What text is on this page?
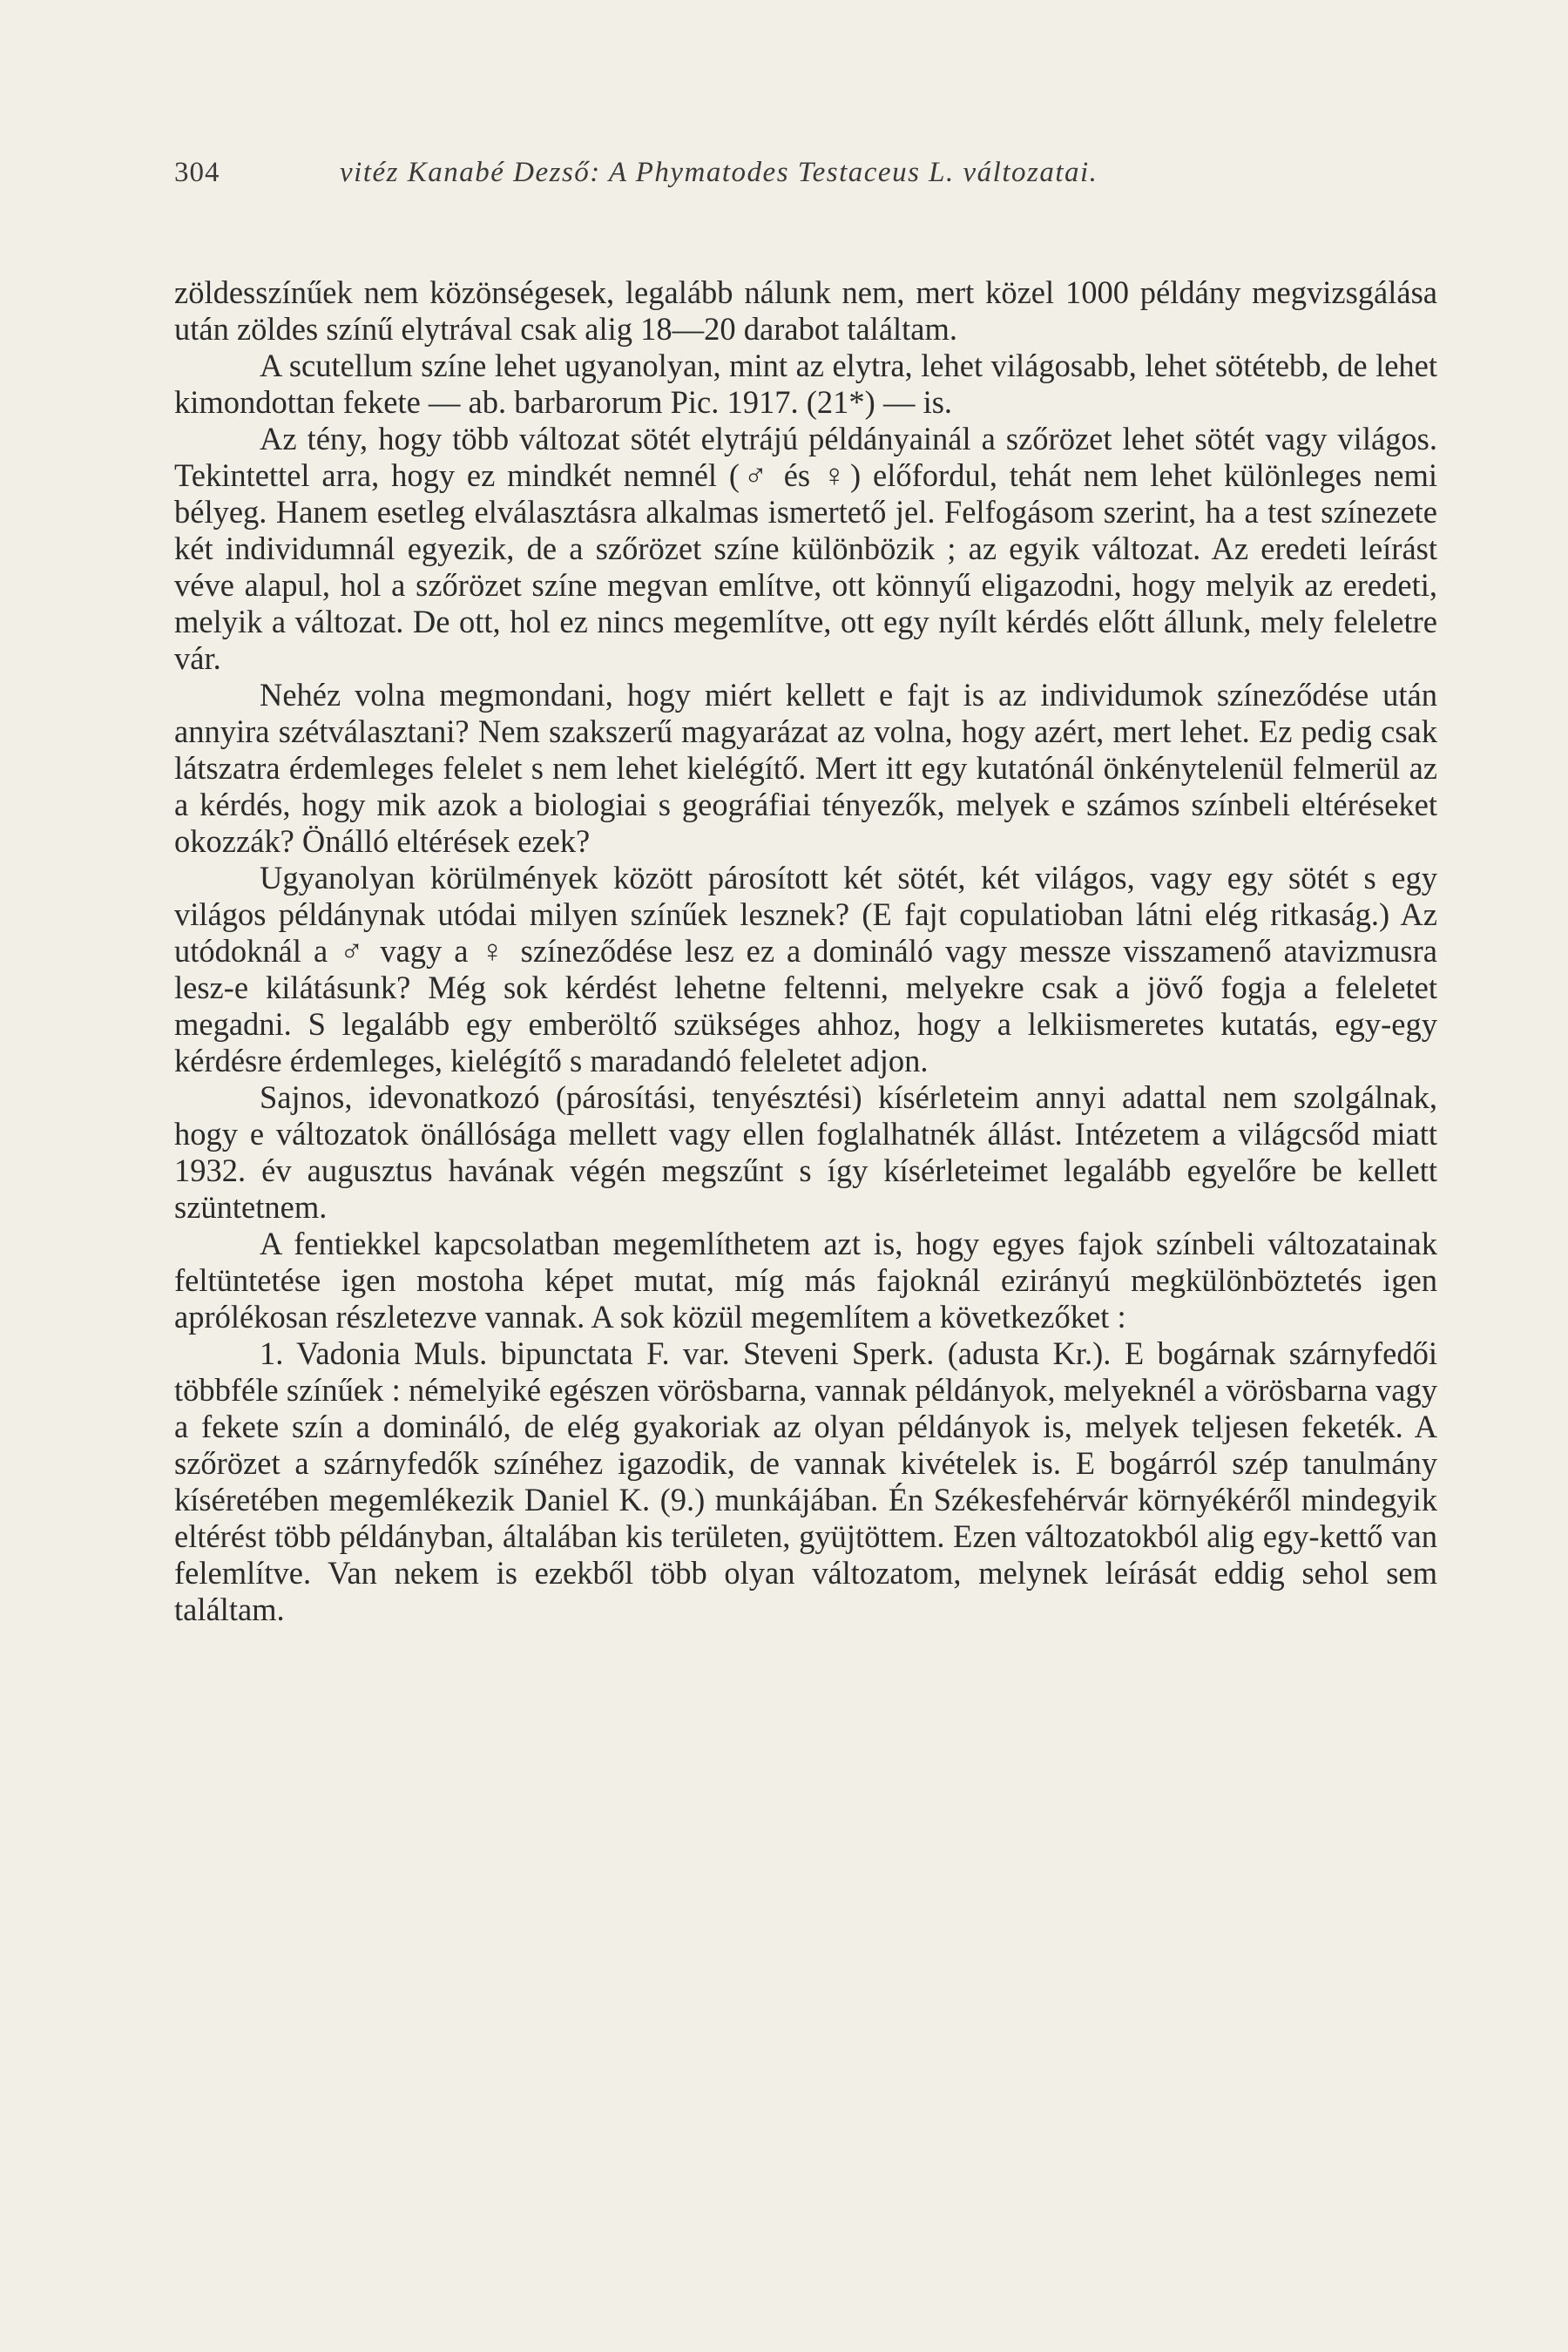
304	vitéz Kanabé Dezső: A Phymatodes Testaceus L. változatai.

zöldesszínűek nem közönségesek, legalább nálunk nem, mert közel 1000 példány megvizsgálása után zöldes színű elytrával csak alig 18—20 darabot találtam.

A scutellum színe lehet ugyanolyan, mint az elytra, lehet világosabb, lehet sötétebb, de lehet kimondottan fekete — ab. barbarorum Pic. 1917. (21*) — is.

Az tény, hogy több változat sötét elytrájú példányainál a szőrözet lehet sötét vagy világos. Tekintettel arra, hogy ez mindkét nemnél (♂ és ♀) előfordul, tehát nem lehet különleges nemi bélyeg. Hanem esetleg elválasztásra alkalmas ismertető jel. Felfogásom szerint, ha a test színezete két individumnál egyezik, de a szőrözet színe különbözik ; az egyik változat. Az eredeti leírást véve alapul, hol a szőrözet színe megvan említve, ott könnyű eligazodni, hogy melyik az eredeti, melyik a változat. De ott, hol ez nincs megemlítve, ott egy nyílt kérdés előtt állunk, mely feleletre vár.

Nehéz volna megmondani, hogy miért kellett e fajt is az individumok színeződése után annyira szétválasztani? Nem szakszerű magyarázat az volna, hogy azért, mert lehet. Ez pedig csak látszatra érdemleges felelet s nem lehet kielégítő. Mert itt egy kutatónál önkénytelenül felmerül az a kérdés, hogy mik azok a biologiai s geográfiai tényezők, melyek e számos színbeli eltéréseket okozzák? Önálló eltérések ezek?

Ugyanolyan körülmények között párosított két sötét, két világos, vagy egy sötét s egy világos példánynak utódai milyen színűek lesznek? (E fajt copulatioban látni elég ritkaság.) Az utódoknál a ♂ vagy a ♀ színeződése lesz ez a domináló vagy messze visszamenő atavizmusra lesz-e kilátásunk? Még sok kérdést lehetne feltenni, melyekre csak a jövő fogja a feleletet megadni. S legalább egy emberöltő szükséges ahhoz, hogy a lelkiismeretes kutatás, egy-egy kérdésre érdemleges, kielégítő s maradandó feleletet adjon.

Sajnos, idevonatkozó (párosítási, tenyésztési) kísérleteim annyi adattal nem szolgálnak, hogy e változatok önállósága mellett vagy ellen foglalhatnék állást. Intézetem a világcsőd miatt 1932. év augusztus havának végén megszűnt s így kísérleteimet legalább egyelőre be kellett szüntetnem.

A fentiekkel kapcsolatban megemlíthetem azt is, hogy egyes fajok színbeli változatainak feltüntetése igen mostoha képet mutat, míg más fajoknál ezirányú megkülönböztetés igen aprólékosan részletezve vannak. A sok közül megemlítem a következőket :

1. Vadonia Muls. bipunctata F. var. Steveni Sperk. (adusta Kr.). E bogárnak szárnyfedői többféle színűek : némelyiké egészen vörösbarna, vannak példányok, melyeknél a vörösbarna vagy a fekete szín a domináló, de elég gyakoriak az olyan példányok is, melyek teljesen feketék. A szőrözet a szárnyfedők színéhez igazodik, de vannak kivételek is. E bogárról szép tanulmány kíséretében megemlékezik Daniel K. (9.) munkájában. Én Székesfehérvár környékéről mindegyik eltérést több példányban, általában kis területen, gyüjtöttem. Ezen változatokból alig egy-kettő van felemlítve. Van nekem is ezekből több olyan változatom, melynek leírását eddig sehol sem találtam.
